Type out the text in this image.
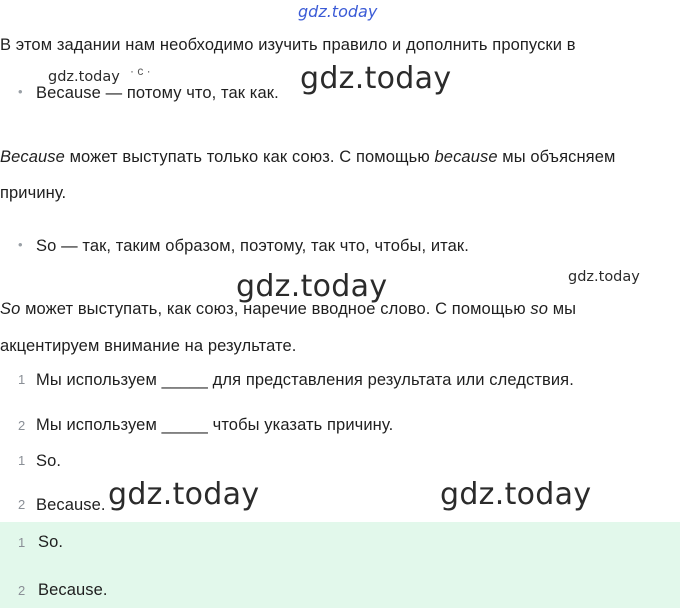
gdz.today
В этом задании нам необходимо изучить правило и дополнить пропуски в
gdz.today · с ·	gdz.today
• Because — потому что, так как.
Because может выступать только как союз. С помощью because мы объясняем
причину.
• So — так, таким образом, поэтому, так что, чтобы, итак.
gdz.today	gdz.today
So может выступать, как союз, наречие вводное слово. С помощью so мы
акцентируем внимание на результате.
1 Мы используем _____ для представления результата или следствия.
2 Мы используем _____ чтобы указать причину.
1 So.
2 Because. gdz.today	gdz.today
1 So.
2 Because.
